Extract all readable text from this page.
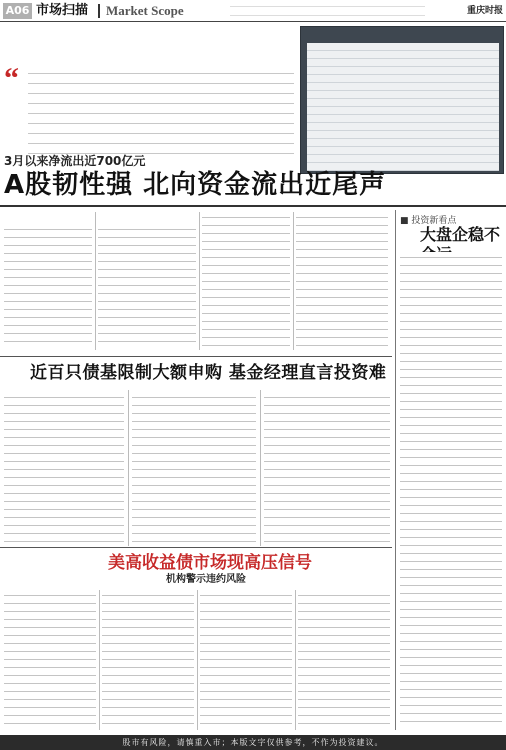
A06 市场扫描 Market Scope	重庆时报
“
3月以来净流出近700亿元
A股韧性强 北向资金流出近尾声
■ 投资新看点
大盘企稳不
近百只债基限制大额申购 基金经理直言投资难
美高收益债市场现高压信号
机构警示违约风险
股市有风险，请慎重入市；本版文字仅供参考，不作为投资建议。
